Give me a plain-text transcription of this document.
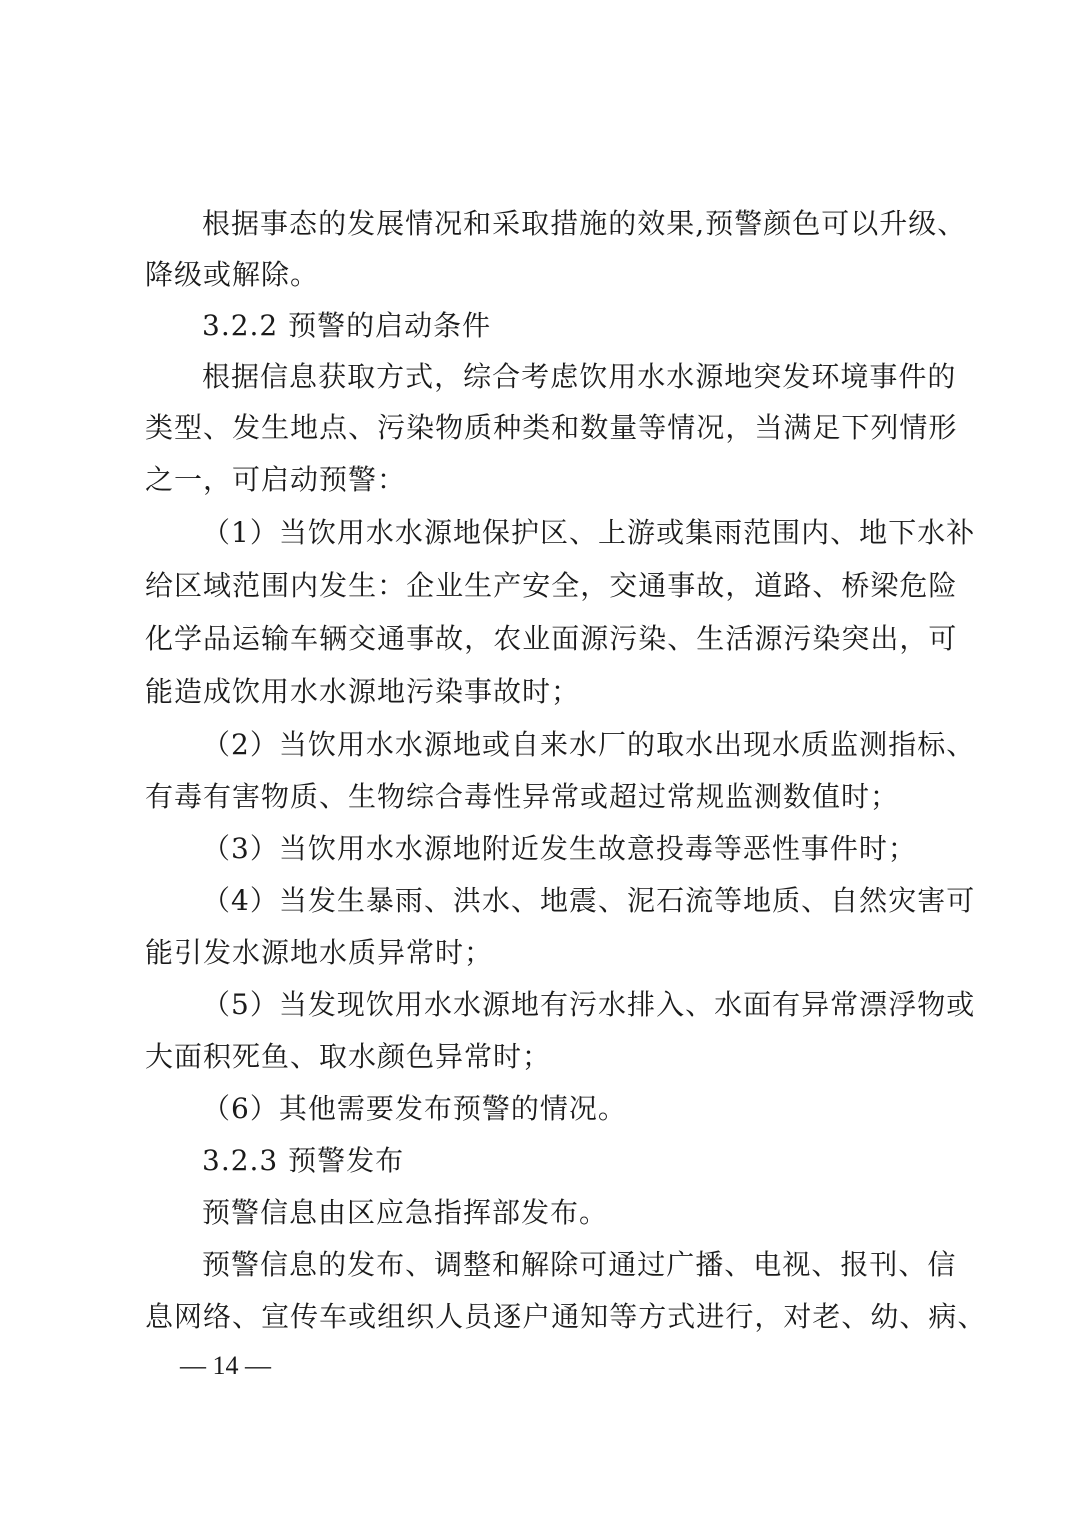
根 据 事 态 的 发 展 情 况 和 采 取 措 施 的 效 果 , 预 警 颜 色 可 以 升 级 、
降级或解除。
3.2.2 预警的启动条件
根 据 信 息 获 取 方 式 ， 综 合 考 虑 饮 用 水 水 源 地 突 发 环 境 事 件 的
类 型 、 发 生 地 点 、 污 染 物 质 种 类 和 数 量 等 情 况 ， 当 满 足 下 列 情 形
之一，可启动预警：
（ 1 ） 当 饮 用 水 水 源 地 保 护 区 、 上 游 或 集 雨 范 围 内 、 地 下 水 补
给 区 域 范 围 内 发 生 ： 企 业 生 产 安 全 ， 交 通 事 故 ， 道 路 、 桥 梁 危 险
化 学 品 运 输 车 辆 交 通 事 故 ， 农 业 面 源 污 染 、 生 活 源 污 染 突 出 ， 可
能造成饮用水水源地污染事故时；
（ 2 ） 当 饮 用 水 水 源 地 或 自 来 水 厂 的 取 水 出 现 水 质 监 测 指 标 、
有毒有害物质、生物综合毒性异常或超过常规监测数值时；
（3）当饮用水水源地附近发生故意投毒等恶性事件时；
（ 4 ） 当 发 生 暴 雨 、 洪 水 、 地 震 、 泥 石 流 等 地 质 、 自 然 灾 害 可
能引发水源地水质异常时；
（ 5 ） 当 发 现 饮 用 水 水 源 地 有 污 水 排 入 、 水 面 有 异 常 漂 浮 物 或
大面积死鱼、取水颜色异常时；
（6）其他需要发布预警的情况。
3.2.3 预警发布
预警信息由区应急指挥部发布。
预 警 信 息 的 发 布 、 调 整 和 解 除 可 通 过 广 播 、 电 视 、 报 刊 、 信
息 网 络 、 宣 传 车 或 组 织 人 员 逐 户 通 知 等 方 式 进 行 ， 对 老 、 幼 、 病 、
— 14 —
